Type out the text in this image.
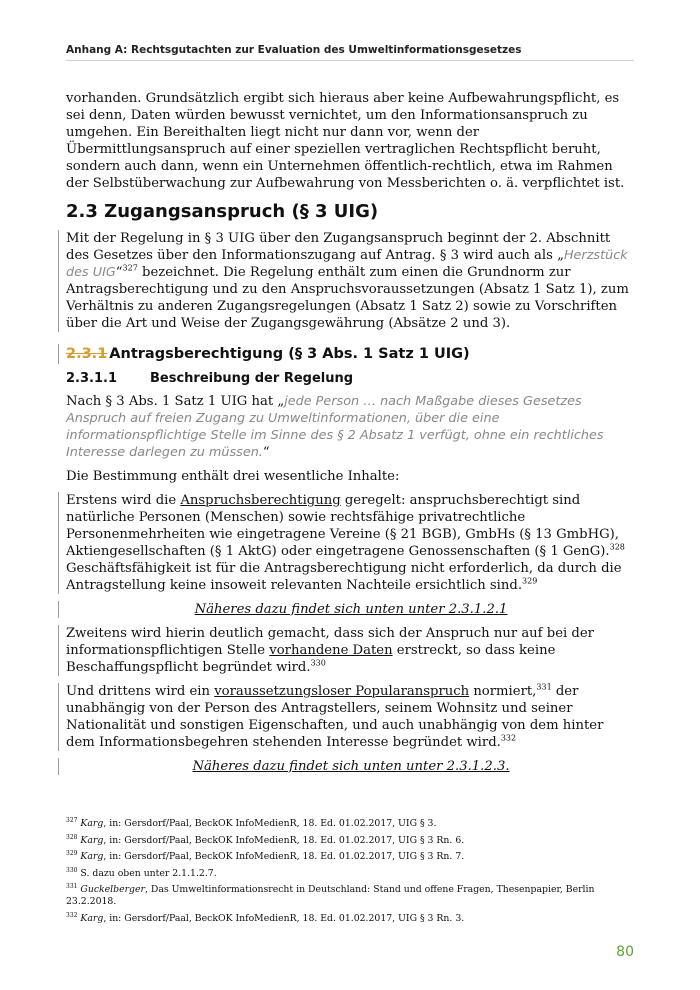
Anhang A: Rechtsgutachten zur Evaluation des Umweltinformationsgesetzes

vorhanden. Grundsätzlich ergibt sich hieraus aber keine Aufbewahrungspflicht, es sei denn, Daten würden bewusst vernichtet, um den Informationsanspruch zu umgehen. Ein Bereithalten liegt nicht nur dann vor, wenn der Übermittlungsanspruch auf einer speziellen vertraglichen Rechtspflicht beruht, sondern auch dann, wenn ein Unternehmen öffentlich-rechtlich, etwa im Rahmen der Selbstüberwachung zur Aufbewahrung von Messberichten o. ä. verpflichtet ist.

2.3 Zugangsanspruch (§ 3 UIG)

Mit der Regelung in § 3 UIG über den Zugangsanspruch beginnt der 2. Abschnitt des Gesetzes über den Informationszugang auf Antrag. § 3 wird auch als „Herzstück des UIG“$^{327}$ bezeichnet. Die Regelung enthält zum einen die Grundnorm zur Antragsberechtigung und zu den Anspruchsvoraussetzungen (Absatz 1 Satz 1), zum Verhältnis zu anderen Zugangsregelungen (Absatz 1 Satz 2) sowie zu Vorschriften über die Art und Weise der Zugangsgewährung (Absätze 2 und 3).

2.3.1 Antragsberechtigung (§ 3 Abs. 1 Satz 1 UIG)
2.3.1.1	Beschreibung der Regelung

Nach § 3 Abs. 1 Satz 1 UIG hat „jede Person … nach Maßgabe dieses Gesetzes Anspruch auf freien Zugang zu Umweltinformationen, über die eine informationspflichtige Stelle im Sinne des § 2 Absatz 1 verfügt, ohne ein rechtliches Interesse darlegen zu müssen.“

Die Bestimmung enthält drei wesentliche Inhalte:

Erstens wird die Anspruchsberechtigung geregelt: anspruchsberechtigt sind natürliche Personen (Menschen) sowie rechtsfähige privatrechtliche Personenmehrheiten wie eingetragene Vereine (§ 21 BGB), GmbHs (§ 13 GmbHG), Aktiengesellschaften (§ 1 AktG) oder eingetragene Genossenschaften (§ 1 GenG).$^{328}$ Geschäftsfähigkeit ist für die Antragsberechtigung nicht erforderlich, da durch die Antragstellung keine insoweit relevanten Nachteile ersichtlich sind.$^{329}$

Näheres dazu findet sich unten unter 2.3.1.2.1

Zweitens wird hierin deutlich gemacht, dass sich der Anspruch nur auf bei der informationspflichtigen Stelle vorhandene Daten erstreckt, so dass keine Beschaffungspflicht begründet wird.$^{330}$

Und drittens wird ein voraussetzungsloser Popularanspruch normiert,$^{331}$ der unabhängig von der Person des Antragstellers, seinem Wohnsitz und seiner Nationalität und sonstigen Eigenschaften, und auch unabhängig von dem hinter dem Informationsbegehren stehenden Interesse begründet wird.$^{332}$

Näheres dazu findet sich unten unter 2.3.1.2.3.

$^{327}$ Karg, in: Gersdorf/Paal, BeckOK InfoMedienR, 18. Ed. 01.02.2017, UIG § 3.

$^{328}$ Karg, in: Gersdorf/Paal, BeckOK InfoMedienR, 18. Ed. 01.02.2017, UIG § 3 Rn. 6.

$^{329}$ Karg, in: Gersdorf/Paal, BeckOK InfoMedienR, 18. Ed. 01.02.2017, UIG § 3 Rn. 7.

$^{330}$ S. dazu oben unter 2.1.1.2.7.

$^{331}$ Guckelberger, Das Umweltinformationsrecht in Deutschland: Stand und offene Fragen, Thesenpapier, Berlin 23.2.2018.

$^{332}$ Karg, in: Gersdorf/Paal, BeckOK InfoMedienR, 18. Ed. 01.02.2017, UIG § 3 Rn. 3.

80
